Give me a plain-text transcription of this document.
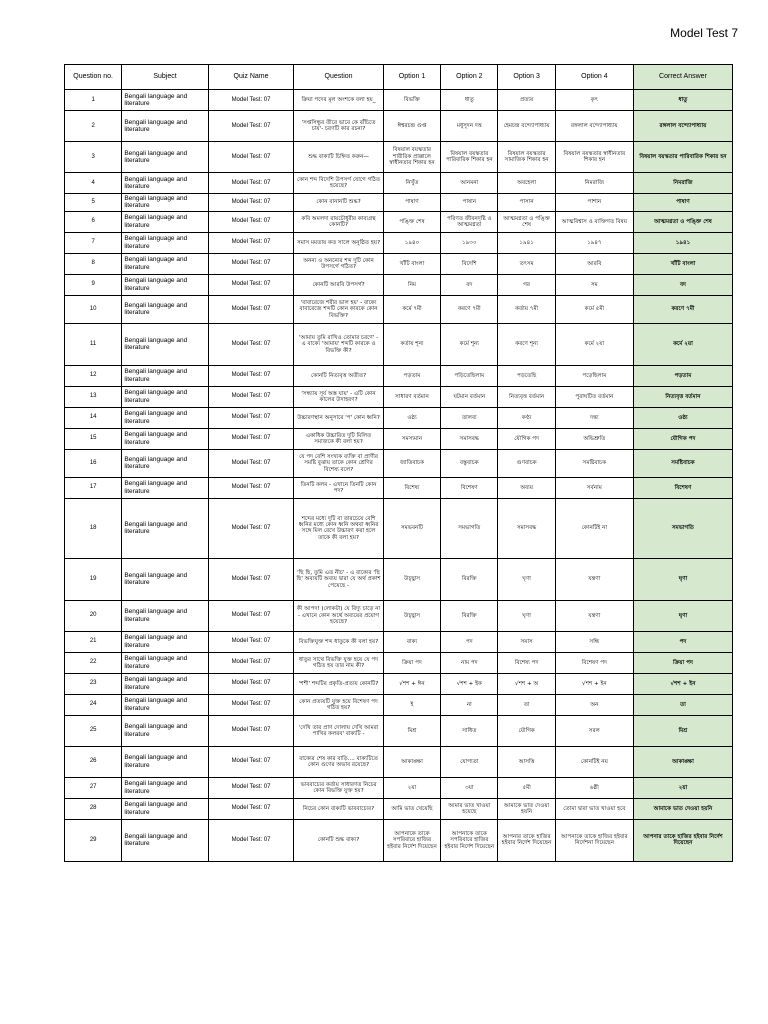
Model Test 7
Question no.	Subject	Quiz Name	Question	Option 1	Option 2	Option 3	Option 4	Correct Answer
1	Bengali language and literature	Model Test: 07	ক্রিয়া পদের মূল অংশকে বলা হয়_	বিভক্তি	ধাতু	প্রত্যয়	কৃৎ	ধাতু
2	Bengali language and literature	Model Test: 07	'সপ্তসিন্ধুর তীরে ভাবে কে বাঁচিতে চায়'- চরণটি কার রচনা?	ঈশ্বরচন্দ্র গুপ্ত	মধুসূদন দত্ত	হেমচন্দ্র বন্দ্যোপাধ্যায়	রঙ্গলাল বন্দ্যোপাধ্যায়	রঙ্গলাল বন্দ্যোপাধ্যায়
3	Bengali language and literature	Model Test: 07	শুদ্ধ বাক্যটি চিহ্নিত করুন—	বিষয়াল বয়স্কতার শারীরিক প্রাক্কালে স্বাধীনতার শিকার হন	বিষয়াল বয়স্কতার পারিবারিক শিকার হন	বিষয়াল বয়স্কতার সামাজিক শিকার হন	বিষয়াল বয়স্কতার স্বাধীনতার শিকার হন	বিষয়াল বয়স্কতার পারিবারিক শিকার হন
4	Bengali language and literature	Model Test: 07	কোন শব্দ বিদেশি উপসর্গ যোগে গঠিত হয়েছে?	নিখুঁত	আনমনা	অবহেলা	নিমরাজি	নিমরাজি
5	Bengali language and literature	Model Test: 07	কোন বানানটি শুদ্ধ?	পাষাণ	পাষান	পাসান	পাশান	পাষাণ
6	Bengali language and literature	Model Test: 07	কবি অমলদা রায়চৌধুরীর কাব্যগ্রন্থ কোনটি?	পঙ্ক্তি শেষ	পরিণত জীবনদৃষ্টি ও আত্মমগ্নতা	আত্মমগ্নতা ও পঙ্ক্তি শেষ	আত্মবিশ্বাস ও ব্যক্তিগত বিষয়	আত্মমগ্নতা ও পঙ্ক্তি শেষ
7	Bengali language and literature	Model Test: 07	সমাস মমতায় কত সালে অনুষ্ঠিত হয়?	১৯৪০	১৯৩০	১৯৪১	১৯৪৭	১৯৪১
8	Bengali language and literature	Model Test: 07	অনন্য ও অনন্যের শব্দ দুটি কোন উপসর্গে গঠিত?	খাঁটি বাংলা	বিদেশি	তৎসম	আরবি	খাঁটি বাংলা
9	Bengali language and literature	Model Test: 07	কোনটি আরবি উপসর্গ?	নিম	বদ	গর	সম	বদ
10	Bengali language and literature	Model Test: 07	'বাবারেজে শরীর ভাল হয়' - বাক্যে বাবারেজে শব্দটি কোন কারকে কোন বিভক্তি?	কর্মে ৭মী	করণে ৭মী	কর্তায় ৭মী	কর্মে ৫মী	করণে ৭মী
11	Bengali language and literature	Model Test: 07	'আমায় তুমি রাখিও তোমার চরণে' - এ বাক্যে 'আমায়' শব্দটি কারকে ও বিভক্তি কী?	কর্তায় শূন্য	কর্মে শূন্য	করণে শূন্য	কর্মে ২য়া	কর্মে ২য়া
12	Bengali language and literature	Model Test: 07	কোনটি নিত্যবৃত্ত অতীত?	পড়তাম	পড়িতেছিলাম	পড়তেছি	পড়েছিলাম	পড়তাম
13	Bengali language and literature	Model Test: 07	'সন্ধ্যায় সূর্য অস্ত যায়' - এটি কোন কালের উদাহরণ?	সাধারণ বর্তমান	ঘটমান বর্তমান	নিত্যবৃত্ত বর্তমান	পুরাঘটিত বর্তমান	নিত্যবৃত্ত বর্তমান
14	Bengali language and literature	Model Test: 07	উচ্চারণস্থান অনুসারে 'প' কোন ধ্বনি?	ওষ্ঠ্য	তালব্য	কণ্ঠ্য	দন্ত্য	ওষ্ঠ্য
15	Bengali language and literature	Model Test: 07	একাধিক উচ্চারিত দুটি মিলিত সমাজকে কী বলা হয়?	সমস্যমান	সমাসবদ্ধ	যৌগিক পদ	অভিশ্রুতি	যৌগিক পদ
16	Bengali language and literature	Model Test: 07	যে পদ বেশি সংখ্যক ব্যক্তি বা প্রাণীর সমষ্টি বুঝায় তাকে কোন শ্রেণির বিশেষ্য বলে?	জাতিবাচক	বস্তুবাচক	গুণবাচক	সমষ্টিবাচক	সমষ্টিবাচক
17	Bengali language and literature	Model Test: 07	তিনটি কলম - এখানে তিনটি কোন পদ?	বিশেষ্য	বিশেষণ	অব্যয়	সর্বনাম	বিশেষণ
18	Bengali language and literature	Model Test: 07	শব্দের মধ্যে দুটি বা তারচেয়ে বেশি ধ্বনির মধ্যে কোন ধ্বনি অথবা ধ্বনির সঙ্গে মিল রেখে উচ্চারণ করা হলে তাকে কী বলা হয়?	সমভবনটি	সমভাগতি	সমাসবদ্ধ	কোনটিই না	সমভাগতি
19	Bengali language and literature	Model Test: 07	'ছি ছি, তুমি এত নীচ' - এ বাক্যের 'ছি ছি' অব্যয়টি অব্যয় দ্বারা যে অর্থ প্রকাশ পেয়েছে -	উচ্ছ্বাস	বিরক্তি	ঘৃণা	যন্ত্রণা	ঘৃণা
20	Bengali language and literature	Model Test: 07	কী আপদ! (লোকটা) যে বিদ্যু চাড়ে না - এখানে কোন অর্থে অব্যয়ের প্রয়োগ হয়েছে?	উচ্ছ্বাস	বিরক্তি	ঘৃণা	যন্ত্রণা	ঘৃণা
21	Bengali language and literature	Model Test: 07	বিভক্তিযুক্ত শব্দ ধাতুকে কী বলা হয়?	বাক্য	পদ	সমাস	সন্ধি	পদ
22	Bengali language and literature	Model Test: 07	ধাতুর সাথে বিভক্তি যুক্ত হয়ে যে পদ গঠিত হয় তার নাম কী?	ক্রিয়া পদ	নাম পদ	বিশেষ্য পদ	বিশেষণ পদ	ক্রিয়া পদ
23	Bengali language and literature	Model Test: 07	'শশী' শব্দটির প্রকৃতি-প্রত্যয় কোনটি?	√শশ + ঈন	√শশ + ইক	√শশ + অ	√শশ + ইন	√শশ + ইন
24	Bengali language and literature	Model Test: 07	কোন প্রত্যয়টি যুক্ত হয়ে বিশেষণ পদ গঠিত হয়?	ই	না	তা	অন	তা
25	Bengali language and literature	Model Test: 07	'দেখি তার প্রাণ দোলায় দেখি আমরা পাখির কলরব' বাক্যটি -	মিশ্র	সাধিত	যৌগিক	সরল	মিশ্র
26	Bengali language and literature	Model Test: 07	বাক্যের শেষ কার বাড়ি.... বাক্যটিতে কোন গুণের অভাব রয়েছে?	আকাঙ্ক্ষা	যোগ্যতা	আসত্তি	কোনটিই নয়	আকাঙ্ক্ষা
27	Bengali language and literature	Model Test: 07	ভাববাচ্যের কর্তায় সাধারণত নিচের কোন বিভক্তি যুক্ত হয়?	২য়া	৩য়া	৫মী	৬ষ্ঠী	২য়া
28	Bengali language and literature	Model Test: 07	নিচের কোন বাক্যটি ভাববাচ্যের?	আমি ভাত খেয়েছি	আমার ভাত খাওয়া হয়েছে	আমাকে ভাত দেওয়া হয়নি	তোমা দ্বারা ভাত খাওয়া হবে	আমাকে ভাত দেওয়া হয়নি
29	Bengali language and literature	Model Test: 07	কোনটি শুদ্ধ বাক্য?	আপনাকে তাকে সপরিবারে হাজির হইবার নির্দেশ দিয়েছেন	আপনাকে তাকে সপরিবারে হাজির হইবার নির্দেশ দিয়েছেন	আপনার তাকে হাজির হইবার নির্দেশ দিয়েছেন	আপনাকে তাকে হাজির হইবার নির্দেশনা দিয়েছেন	আপনার তাকে হাজির হইবার নির্দেশ দিয়েছেন
